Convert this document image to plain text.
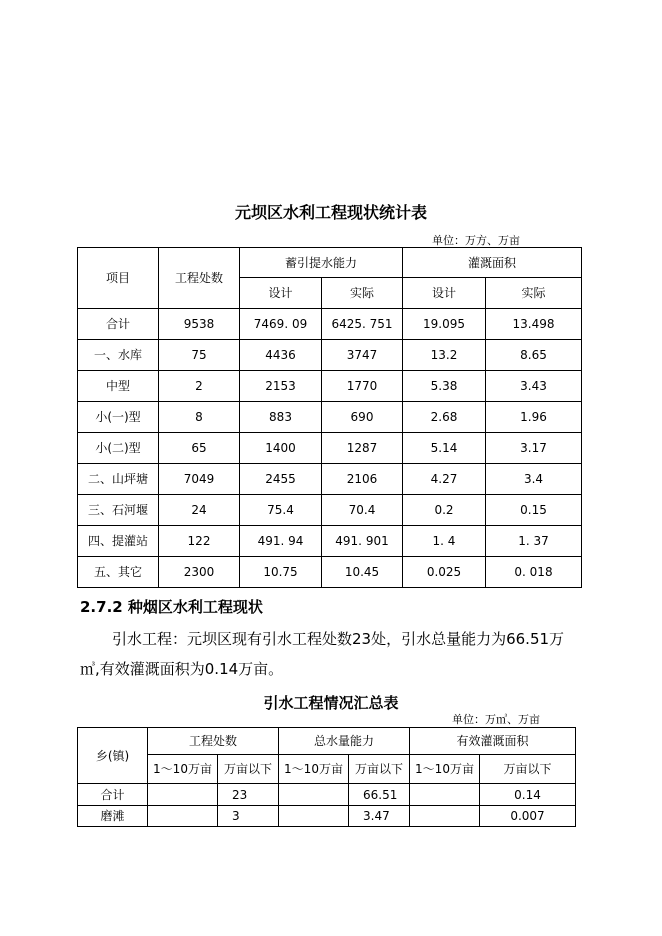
元坝区水利工程现状统计表
单位：万方、万亩
项目	工程处数	蓄引提水能力		灌溉面积	
		设计	实际	设计	实际
合计	9538	7469. 09	6425. 751	19.095	13.498
一、水库	75	4436	3747	13.2	8.65
中型	2	2153	1770	5.38	3.43
小(一)型	8	883	690	2.68	1.96
小(二)型	65	1400	1287	5.14	3.17
二、山坪塘	7049	2455	2106	4.27	3.4
三、石河堰	24	75.4	70.4	0.2	0.15
四、提灌站	122	491. 94	491. 901	1. 4	1. 37
五、其它	2300	10.75	10.45	0.025	0. 018
2.7.2 种烟区水利工程现状
引水工程：元坝区现有引水工程处数23处，引水总量能力为66.51万㎥,有效灌溉面积为0.14万亩。
引水工程情况汇总表
单位：万㎥、万亩
乡(镇)	工程处数		总水量能力		有效灌溉面积	
	1～10万亩	万亩以下	1～10万亩	万亩以下	1～10万亩	万亩以下
合计		23		66.51		0.14
磨滩		3		3.47		0.007
